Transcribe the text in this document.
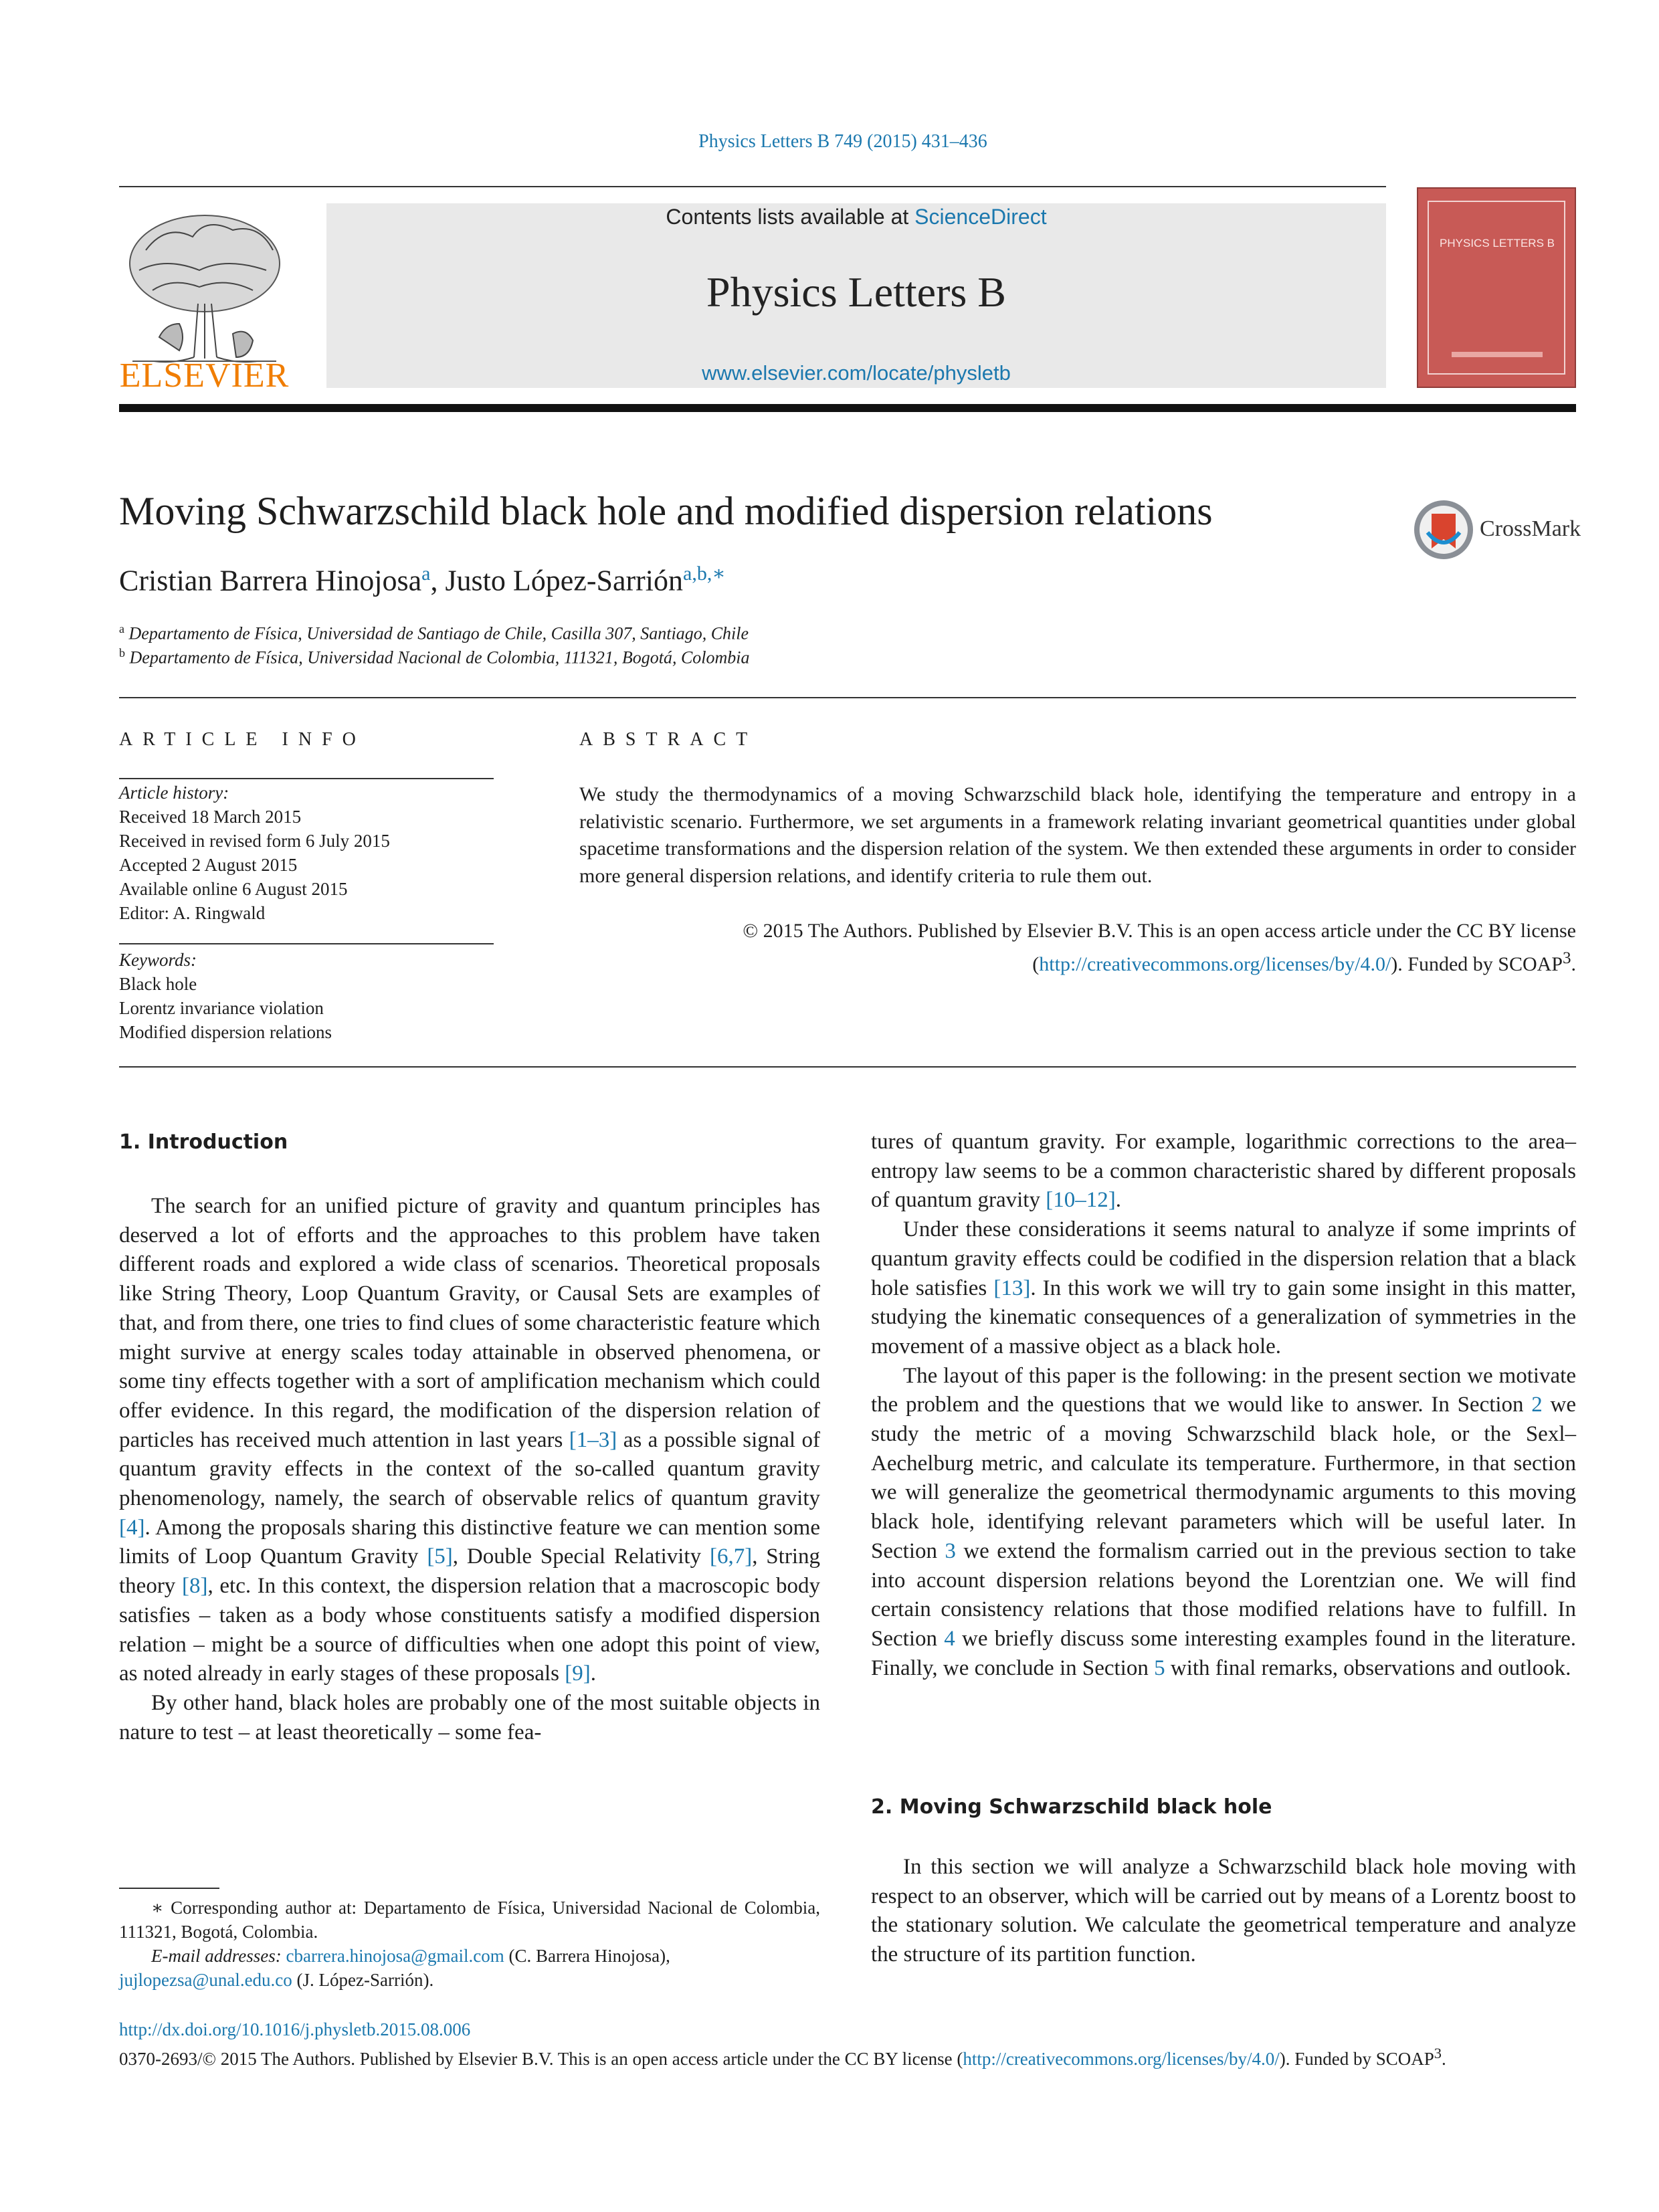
Physics Letters B 749 (2015) 431–436
ELSEVIER
Contents lists available at ScienceDirect
Physics Letters B
www.elsevier.com/locate/physletb
PHYSICS LETTERS B
Moving Schwarzschild black hole and modified dispersion relations	CrossMark
Cristian Barrera Hinojosa$^a$, Justo López-Sarrión$^{a,b,∗}$
$^a$ Departamento de Física, Universidad de Santiago de Chile, Casilla 307, Santiago, Chile
$^b$ Departamento de Física, Universidad Nacional de Colombia, 111321, Bogotá, Colombia
ARTICLE INFO	ABSTRACT
Article history:
Received 18 March 2015
Received in revised form 6 July 2015
Accepted 2 August 2015
Available online 6 August 2015
Editor: A. Ringwald
Keywords:
Black hole
Lorentz invariance violation
Modified dispersion relations
We study the thermodynamics of a moving Schwarzschild black hole, identifying the temperature and entropy in a relativistic scenario. Furthermore, we set arguments in a framework relating invariant geometrical quantities under global spacetime transformations and the dispersion relation of the system. We then extended these arguments in order to consider more general dispersion relations, and identify criteria to rule them out.
© 2015 The Authors. Published by Elsevier B.V. This is an open access article under the CC BY license
(http://creativecommons.org/licenses/by/4.0/). Funded by SCOAP$^3$.
1. Introduction

The search for an unified picture of gravity and quantum principles has deserved a lot of efforts and the approaches to this problem have taken different roads and explored a wide class of scenarios. Theoretical proposals like String Theory, Loop Quantum Gravity, or Causal Sets are examples of that, and from there, one tries to find clues of some characteristic feature which might survive at energy scales today attainable in observed phenomena, or some tiny effects together with a sort of amplification mechanism which could offer evidence. In this regard, the modification of the dispersion relation of particles has received much attention in last years [1–3] as a possible signal of quantum gravity effects in the context of the so-called quantum gravity phenomenology, namely, the search of observable relics of quantum gravity [4]. Among the proposals sharing this distinctive feature we can mention some limits of Loop Quantum Gravity [5], Double Special Relativity [6,7], String theory [8], etc. In this context, the dispersion relation that a macroscopic body satisfies – taken as a body whose constituents satisfy a modified dispersion relation – might be a source of difficulties when one adopt this point of view, as noted already in early stages of these proposals [9].

By other hand, black holes are probably one of the most suitable objects in nature to test – at least theoretically – some fea-

tures of quantum gravity. For example, logarithmic corrections to the area–entropy law seems to be a common characteristic shared by different proposals of quantum gravity [10–12].

Under these considerations it seems natural to analyze if some imprints of quantum gravity effects could be codified in the dispersion relation that a black hole satisfies [13]. In this work we will try to gain some insight in this matter, studying the kinematic consequences of a generalization of symmetries in the movement of a massive object as a black hole.

The layout of this paper is the following: in the present section we motivate the problem and the questions that we would like to answer. In Section 2 we study the metric of a moving Schwarzschild black hole, or the Sexl–Aechelburg metric, and calculate its temperature. Furthermore, in that section we will generalize the geometrical thermodynamic arguments to this moving black hole, identifying relevant parameters which will be useful later. In Section 3 we extend the formalism carried out in the previous section to take into account dispersion relations beyond the Lorentzian one. We will find certain consistency relations that those modified relations have to fulfill. In Section 4 we briefly discuss some interesting examples found in the literature. Finally, we conclude in Section 5 with final remarks, observations and outlook.

2. Moving Schwarzschild black hole

In this section we will analyze a Schwarzschild black hole moving with respect to an observer, which will be carried out by means of a Lorentz boost to the stationary solution. We calculate the geometrical temperature and analyze the structure of its partition function.

∗ Corresponding author at: Departamento de Física, Universidad Nacional de Colombia, 111321, Bogotá, Colombia.
E-mail addresses: cbarrera.hinojosa@gmail.com (C. Barrera Hinojosa),
jujlopezsa@unal.edu.co (J. López-Sarrión).
http://dx.doi.org/10.1016/j.physletb.2015.08.006
0370-2693/© 2015 The Authors. Published by Elsevier B.V. This is an open access article under the CC BY license (http://creativecommons.org/licenses/by/4.0/). Funded by SCOAP$^3$.
